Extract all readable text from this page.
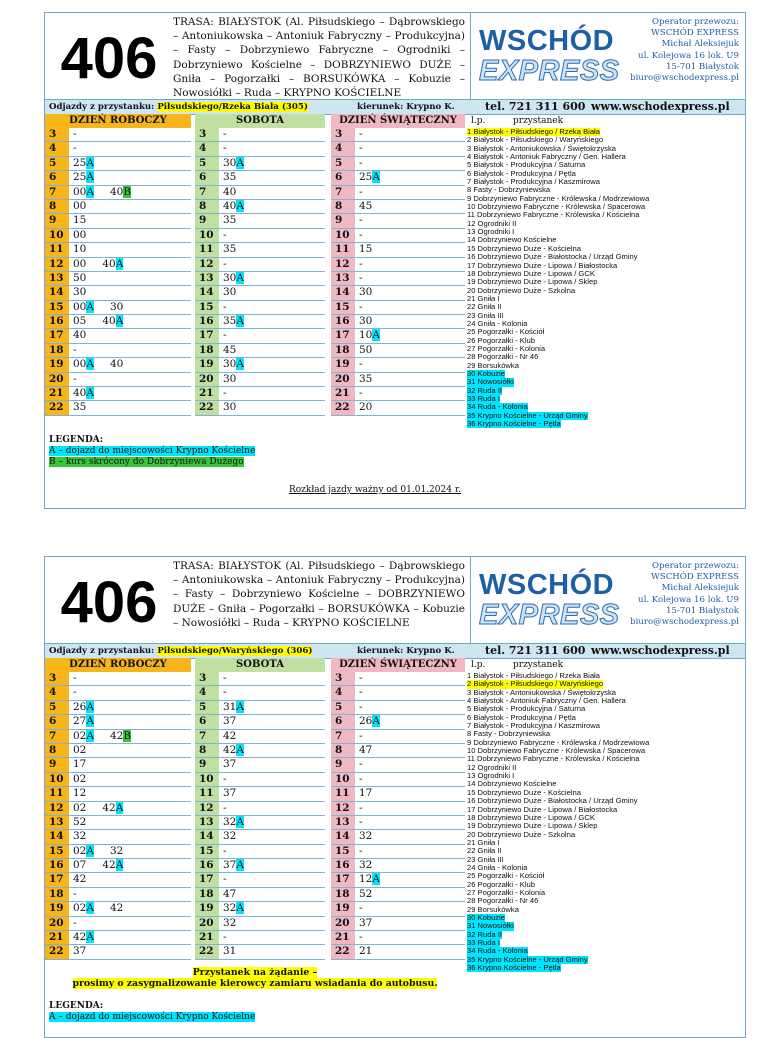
406
TRASA: BIAŁYSTOK (Al. Piłsudskiego – Dąbrowskiego – Antoniukowska – Antoniuk Fabryczny – Produkcyjna) – Fasty – Dobrzyniewo Fabryczne – Ogrodniki – Dobrzyniewo Kościelne – DOBRZYNIEWO DUŻE – Gniła – Pogorzałki – BORSUKÓWKA – Kobuzie – Nowosiółki – Ruda – KRYPNO KOŚCIELNE
WSCHÓD
EXPRESS
Operator przewozu:
WSCHÓD EXPRESS
Michał Aleksiejuk
ul. Kolejowa 16 lok. U9
15-701 Białystok
biuro@wschodexpress.pl
Odjazdy z przystanku: Piłsudskiego/Rzeka Biała (305)	kierunek: Krypno K.	tel. 721 311 600 www.wschodexpress.pl
DZIEŃ ROBOCZY	SOBOTA	DZIEŃ ŚWIĄTECZNY	l.p.	przystanek
3	-
4	-
5	25A
6	25A
7	00A 40B
8	00
9	15
10 00
11 10
12 00 40A
13 50
14 30
15 00A 30
16 05 40A
17 40
18 -
19 00A 40
20 -
21 40A
22 35
3	-
4	-
5	30A
6	35
7	40
8	40A
9	35
10 -
11 35
12 -
13 30A
14 30
15 -
16 35A
17 -
18 45
19 30A
20 30
21 -
22 30
3	-
4	-
5	-
6	25A
7	-
8	45
9	-
10 -
11 15
12 -
13 -
14 30
15 -
16 30
17 10A
18 50
19 -
20 35
21 -
22 20
1 Białystok - Piłsudskiego / Rzeka Biała
2 Białystok - Piłsudskiego / Waryńskiego
3 Białystok - Antoniukowska / Świętokrzyska
4 Białystok - Antoniuk Fabryczny / Gen. Hallera
5 Białystok - Produkcyjna / Saturna
6 Białystok - Produkcyjna / Pętla
7 Białystok - Produkcyjna / Kaszmirowa
8 Fasty - Dobrzyniewska
9 Dobrzyniewo Fabryczne - Królewska / Modrzewiowa
10 Dobrzyniewo Fabryczne - Królewska / Spacerowa
11 Dobrzyniewo Fabryczne - Królewska / Kościelna
12 Ogrodniki II
13 Ogrodniki I
14 Dobrzyniewo Kościelne
15 Dobrzyniewo Duże - Kościelna
16 Dobrzyniewo Duże - Białostocka / Urząd Gminy
17 Dobrzyniewo Duże - Lipowa / Białostocka
18 Dobrzyniewo Duże - Lipowa / GCK
19 Dobrzyniewo Duże - Lipowa / Sklep
20 Dobrzyniewo Duże - Szkolna
21 Gniła I
22 Gniła II
23 Gniła III
24 Gniła - Kolonia
25 Pogorzałki - Kościół
26 Pogorzałki - Klub
27 Pogorzałki - Kolonia
28 Pogorzałki - Nr 46
29 Borsukówka
30 Kobuzie
31 Nowosiółki
32 Ruda II
33 Ruda I
34 Ruda - Kolonia
35 Krypno Kościelne - Urząd Gminy
36 Krypno Kościelne - Pętla
LEGENDA:
A – dojazd do miejscowości Krypno Kościelne
B – kurs skrócony do Dobrzyniewa Dużego
Rozkład jazdy ważny od 01.01.2024 r.
406
TRASA: BIAŁYSTOK (Al. Piłsudskiego – Dąbrowskiego – Antoniukowska – Antoniuk Fabryczny – Produkcyjna) – Fasty – Dobrzyniewo Kościelne – DOBRZYNIEWO DUŻE – Gniła – Pogorzałki – BORSUKÓWKA – Kobuzie – Nowosiółki – Ruda – KRYPNO KOŚCIELNE
WSCHÓD
EXPRESS
Operator przewozu:
WSCHÓD EXPRESS
Michał Aleksiejuk
ul. Kolejowa 16 lok. U9
15-701 Białystok
biuro@wschodexpress.pl
Odjazdy z przystanku: Piłsudskiego/Waryńskiego (306)	kierunek: Krypno K.	tel. 721 311 600 www.wschodexpress.pl
DZIEŃ ROBOCZY	SOBOTA	DZIEŃ ŚWIĄTECZNY	l.p.	przystanek
3	-
4	-
5	26A
6	27A
7	02A 42B
8	02
9	17
10 02
11 12
12 02 42A
13 52
14 32
15 02A 32
16 07 42A
17 42
18 -
19 02A 42
20 -
21 42A
22 37
3	-
4	-
5	31A
6	37
7	42
8	42A
9	37
10 -
11 37
12 -
13 32A
14 32
15 -
16 37A
17 -
18 47
19 32A
20 32
21 -
22 31
3	-
4	-
5	-
6	26A
7	-
8	47
9	-
10 -
11 17
12 -
13 -
14 32
15 -
16 32
17 12A
18 52
19 -
20 37
21 -
22 21
1 Białystok - Piłsudskiego / Rzeka Biała
2 Białystok - Piłsudskiego / Waryńskiego
3 Białystok - Antoniukowska / Świętokrzyska
4 Białystok - Antoniuk Fabryczny / Gen. Hallera
5 Białystok - Produkcyjna / Saturna
6 Białystok - Produkcyjna / Pętla
7 Białystok - Produkcyjna / Kaszmirowa
8 Fasty - Dobrzyniewska
9 Dobrzyniewo Fabryczne - Królewska / Modrzewiowa
10 Dobrzyniewo Fabryczne - Królewska / Spacerowa
11 Dobrzyniewo Fabryczne - Królewska / Kościelna
12 Ogrodniki II
13 Ogrodniki I
14 Dobrzyniewo Kościelne
15 Dobrzyniewo Duże - Kościelna
16 Dobrzyniewo Duże - Białostocka / Urząd Gminy
17 Dobrzyniewo Duże - Lipowa / Białostocka
18 Dobrzyniewo Duże - Lipowa / GCK
19 Dobrzyniewo Duże - Lipowa / Sklep
20 Dobrzyniewo Duże - Szkolna
21 Gniła I
22 Gniła II
23 Gniła III
24 Gniła - Kolonia
25 Pogorzałki - Kościół
26 Pogorzałki - Klub
27 Pogorzałki - Kolonia
28 Pogorzałki - Nr 46
29 Borsukówka
30 Kobuzie
31 Nowosiółki
32 Ruda II
33 Ruda I
34 Ruda - Kolonia
35 Krypno Kościelne - Urząd Gminy
36 Krypno Kościelne - Pętla
Przystanek na żądanie –
prosimy o zasygnalizowanie kierowcy zamiaru wsiadania do autobusu.
LEGENDA:
A – dojazd do miejscowości Krypno Kościelne
